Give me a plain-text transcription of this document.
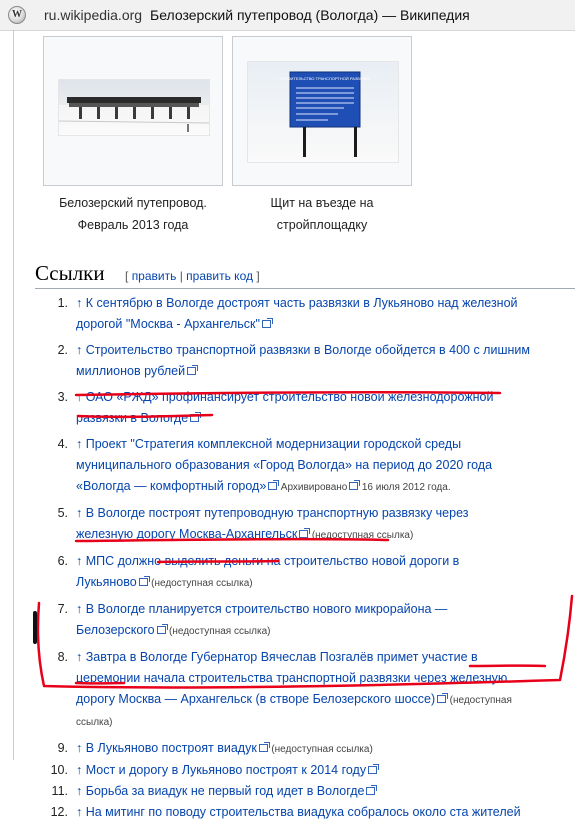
W ru.wikipedia.org Белозерский путепровод (Вологда) — Википедия
Белозерский путепровод.
Февраль 2013 года
СТРОИТЕЛЬСТВО ТРАНСПОРТНОЙ РАЗВЯЗКИ
Щит на въезде на
стройплощадку
Ссылки [ править | править код ]
1. ↑ К сентябрю в Вологде достроят часть развязки в Лукьяново над железной
дорогой "Москва - Архангельск"
2. ↑ Строительство транспортной развязки в Вологде обойдется в 400 с лишним
миллионов рублей
3. ↑ ОАО «РЖД» профинансирует строительство новой железнодорожной
развязки в Вологде
4. ↑ Проект "Стратегия комплексной модернизации городской среды
муниципального образования «Город Вологда» на период до 2020 года
«Вологда — комфортный город» Архивировано 16 июля 2012 года.
5. ↑ В Вологде построят путепроводную транспортную развязку через
железную дорогу Москва-Архангельск (недоступная ссылка)
6. ↑ МПС должно выделить деньги на строительство новой дороги в
Лукьяново (недоступная ссылка)
7. ↑ В Вологде планируется строительство нового микрорайона —
Белозерского (недоступная ссылка)
8. ↑ Завтра в Вологде Губернатор Вячеслав Позгалёв примет участие в
церемонии начала строительства транспортной развязки через железную
дорогу Москва — Архангельск (в створе Белозерского шоссе) (недоступная
ссылка)
9. ↑ В Лукьяново построят виадук (недоступная ссылка)
10. ↑ Мост и дорогу в Лукьяново построят к 2014 году
11. ↑ Борьба за виадук не первый год идет в Вологде
12. ↑ На митинг по поводу строительства виадука собралось около ста жителей
